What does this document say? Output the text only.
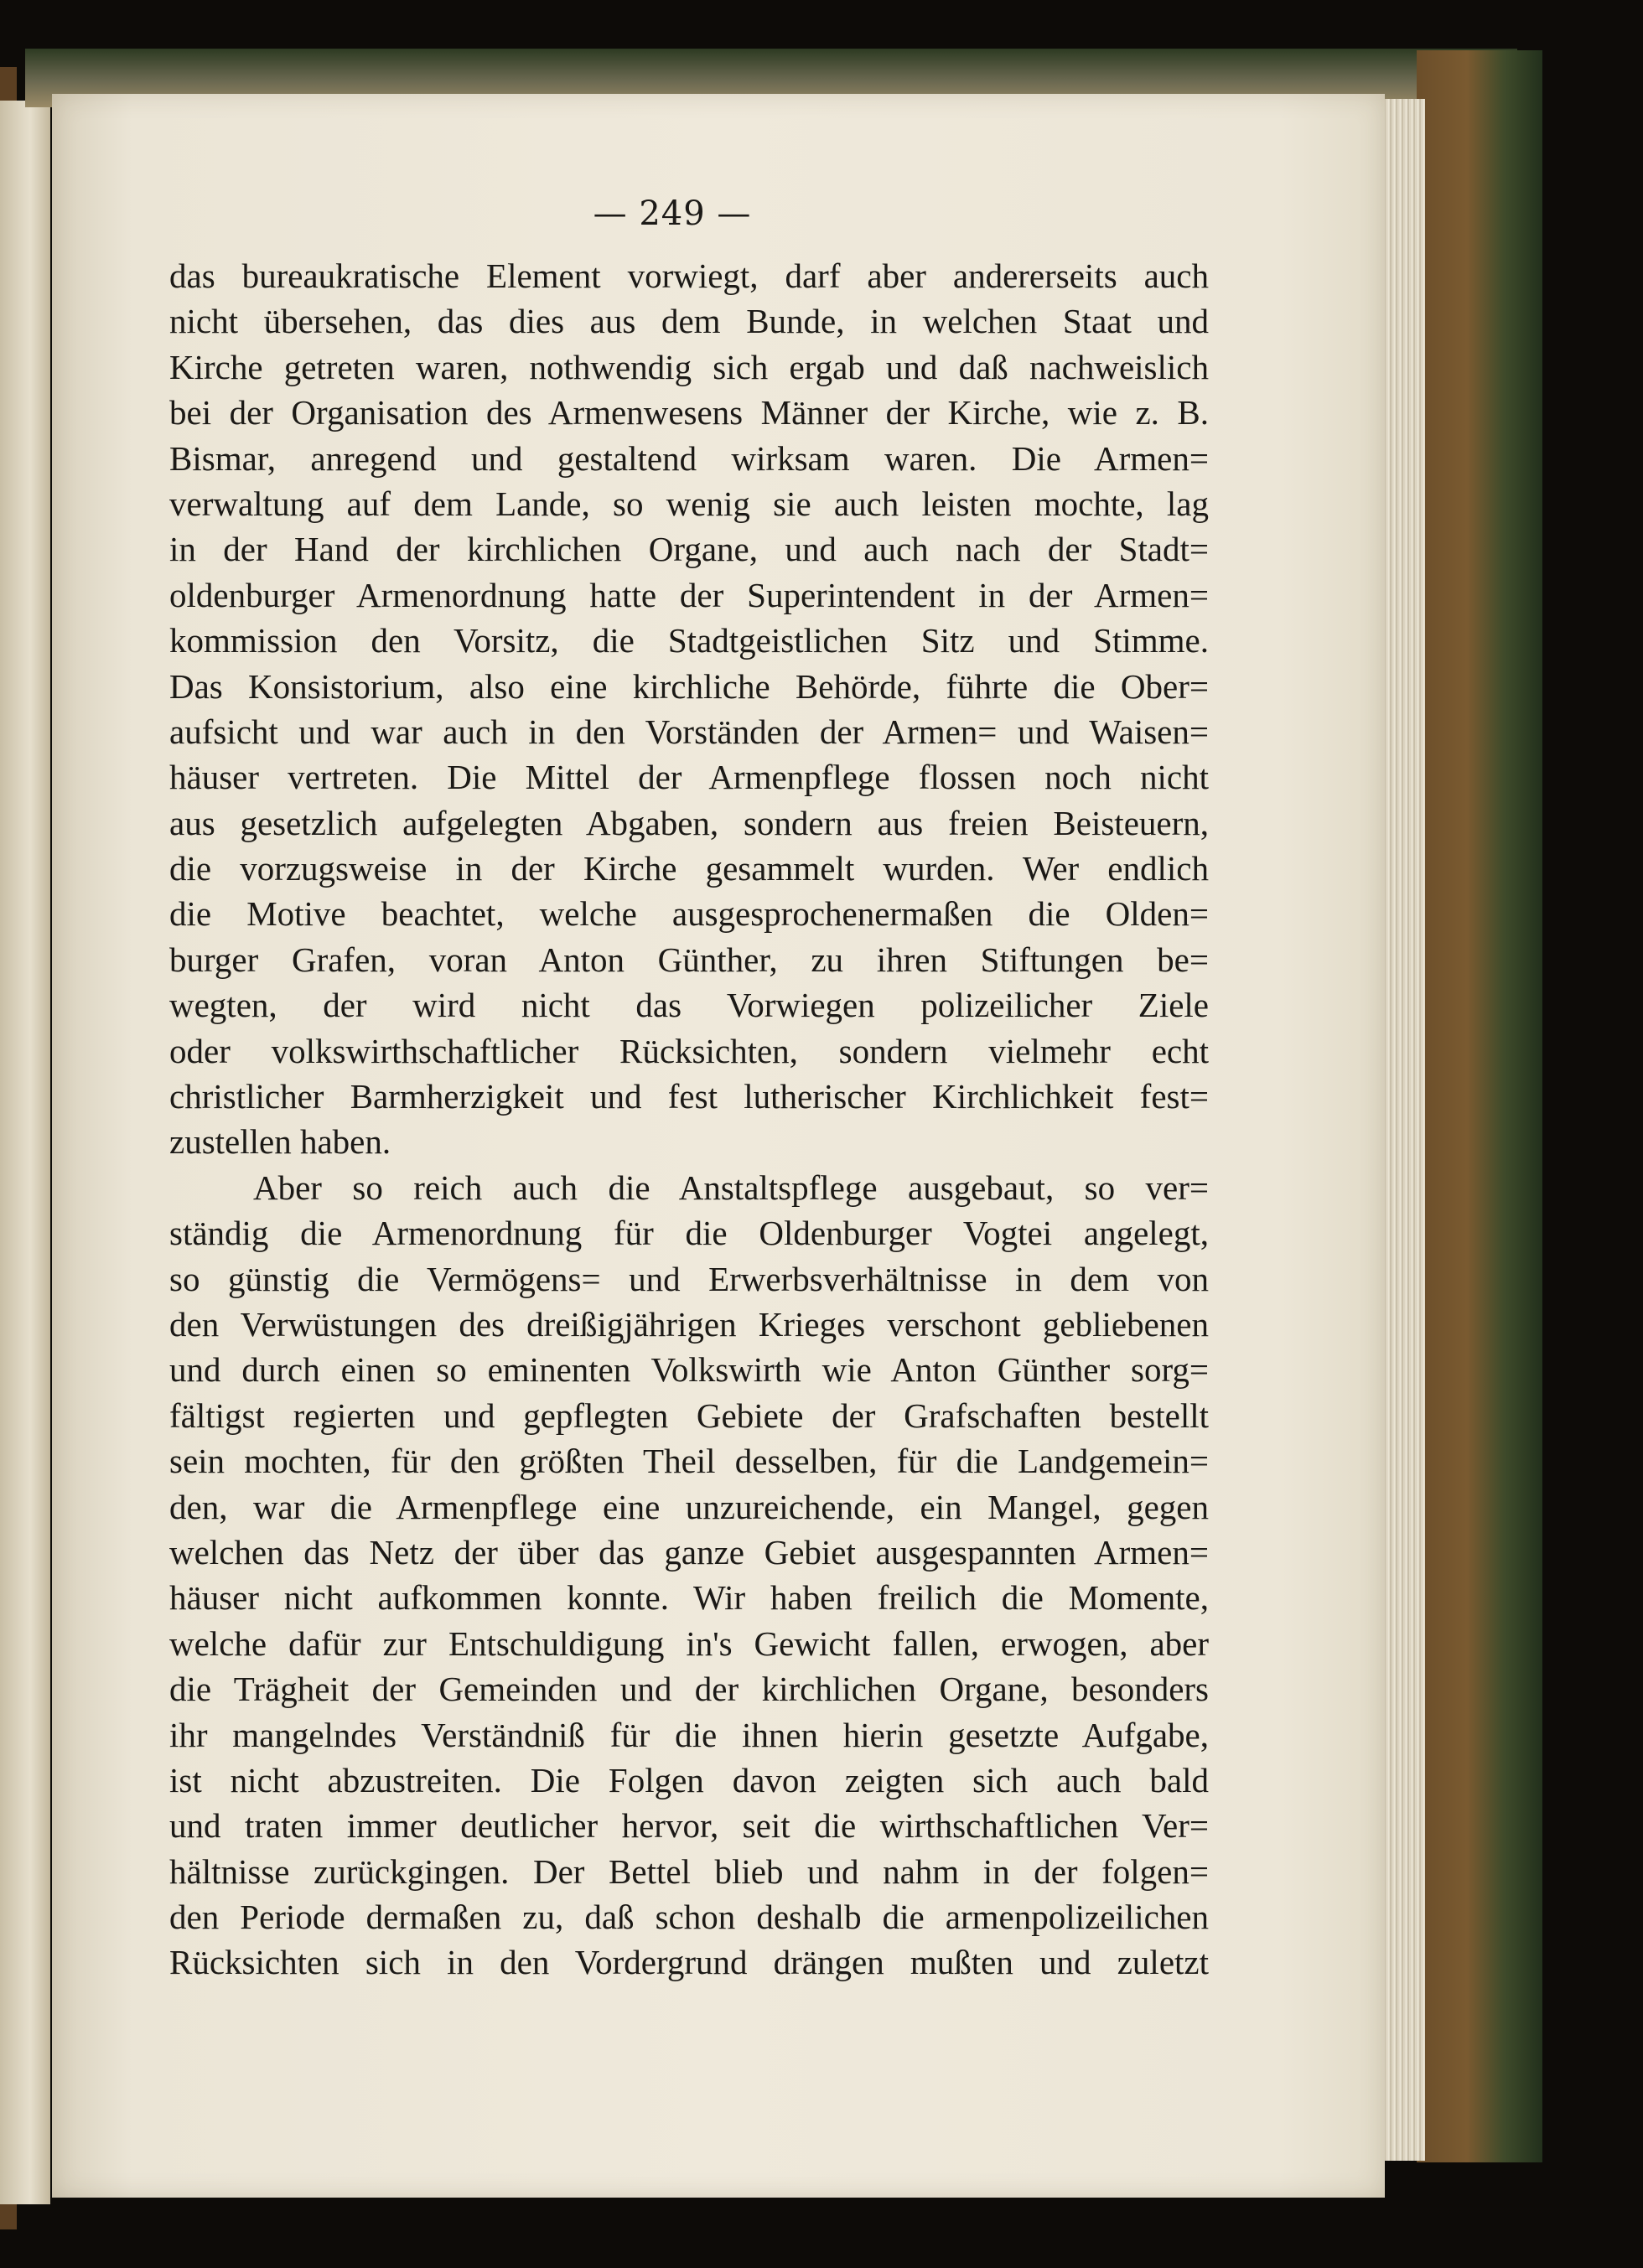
— 249 —
das bureaukratische Element vorwiegt, darf aber andererseits auch
nicht übersehen, das dies aus dem Bunde, in welchen Staat und
Kirche getreten waren, nothwendig sich ergab und daß nachweislich
bei der Organisation des Armenwesens Männer der Kirche, wie z. B.
Bismar, anregend und gestaltend wirksam waren. Die Armen=
verwaltung auf dem Lande, so wenig sie auch leisten mochte, lag
in der Hand der kirchlichen Organe, und auch nach der Stadt=
oldenburger Armenordnung hatte der Superintendent in der Armen=
kommission den Vorsitz, die Stadtgeistlichen Sitz und Stimme.
Das Konsistorium, also eine kirchliche Behörde, führte die Ober=
aufsicht und war auch in den Vorständen der Armen= und Waisen=
häuser vertreten. Die Mittel der Armenpflege flossen noch nicht
aus gesetzlich aufgelegten Abgaben, sondern aus freien Beisteuern,
die vorzugsweise in der Kirche gesammelt wurden. Wer endlich
die Motive beachtet, welche ausgesprochenermaßen die Olden=
burger Grafen, voran Anton Günther, zu ihren Stiftungen be=
wegten, der wird nicht das Vorwiegen polizeilicher Ziele
oder volkswirthschaftlicher Rücksichten, sondern vielmehr echt
christlicher Barmherzigkeit und fest lutherischer Kirchlichkeit fest=
zustellen haben.
Aber so reich auch die Anstaltspflege ausgebaut, so ver=
ständig die Armenordnung für die Oldenburger Vogtei angelegt,
so günstig die Vermögens= und Erwerbsverhältnisse in dem von
den Verwüstungen des dreißigjährigen Krieges verschont gebliebenen
und durch einen so eminenten Volkswirth wie Anton Günther sorg=
fältigst regierten und gepflegten Gebiete der Grafschaften bestellt
sein mochten, für den größten Theil desselben, für die Landgemein=
den, war die Armenpflege eine unzureichende, ein Mangel, gegen
welchen das Netz der über das ganze Gebiet ausgespannten Armen=
häuser nicht aufkommen konnte. Wir haben freilich die Momente,
welche dafür zur Entschuldigung in's Gewicht fallen, erwogen, aber
die Trägheit der Gemeinden und der kirchlichen Organe, besonders
ihr mangelndes Verständniß für die ihnen hierin gesetzte Aufgabe,
ist nicht abzustreiten. Die Folgen davon zeigten sich auch bald
und traten immer deutlicher hervor, seit die wirthschaftlichen Ver=
hältnisse zurückgingen. Der Bettel blieb und nahm in der folgen=
den Periode dermaßen zu, daß schon deshalb die armenpolizeilichen
Rücksichten sich in den Vordergrund drängen mußten und zuletzt
